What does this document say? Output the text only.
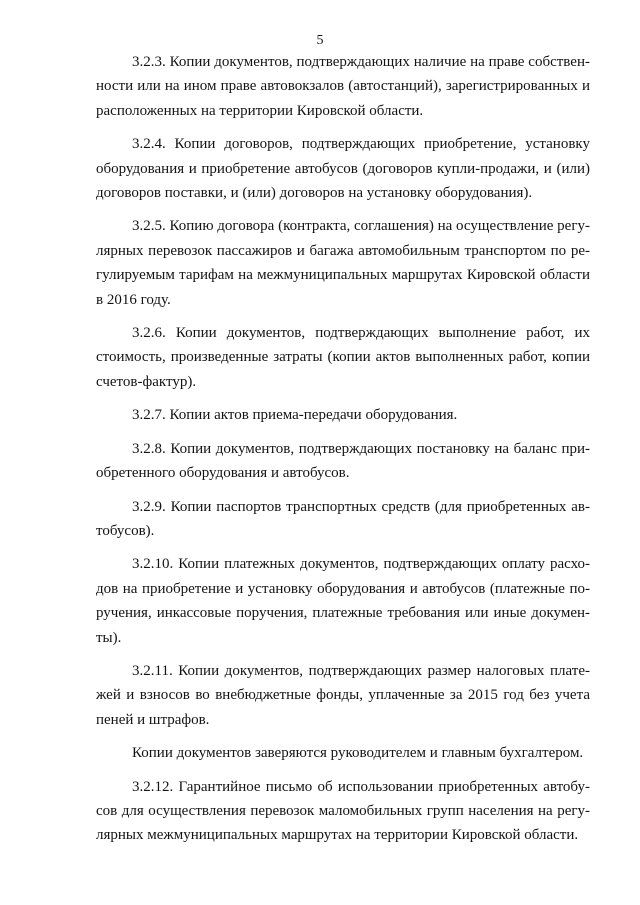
5
3.2.3. Копии документов, подтверждающих наличие на праве собствен-
ности или на ином праве автовокзалов (автостанций), зарегистрированных и
расположенных на территории Кировской области.
3.2.4. Копии договоров, подтверждающих приобретение, установку
оборудования и приобретение автобусов (договоров купли-продажи, и (или)
договоров поставки, и (или) договоров на установку оборудования).
3.2.5. Копию договора (контракта, соглашения) на осуществление регу-
лярных перевозок пассажиров и багажа автомобильным транспортом по ре-
гулируемым тарифам на межмуниципальных маршрутах Кировской области
в 2016 году.
3.2.6. Копии документов, подтверждающих выполнение работ, их
стоимость, произведенные затраты (копии актов выполненных работ, копии
счетов-фактур).
3.2.7. Копии актов приема-передачи оборудования.
3.2.8. Копии документов, подтверждающих постановку на баланс при-
обретенного оборудования и автобусов.
3.2.9. Копии паспортов транспортных средств (для приобретенных ав-
тобусов).
3.2.10. Копии платежных документов, подтверждающих оплату расхо-
дов на приобретение и установку оборудования и автобусов (платежные по-
ручения, инкассовые поручения, платежные требования или иные докумен-
ты).
3.2.11. Копии документов, подтверждающих размер налоговых плате-
жей и взносов во внебюджетные фонды, уплаченные за 2015 год без учета
пеней и штрафов.
Копии документов заверяются руководителем и главным бухгалтером.
3.2.12. Гарантийное письмо об использовании приобретенных автобу-
сов для осуществления перевозок маломобильных групп населения на регу-
лярных межмуниципальных маршрутах на территории Кировской области.
